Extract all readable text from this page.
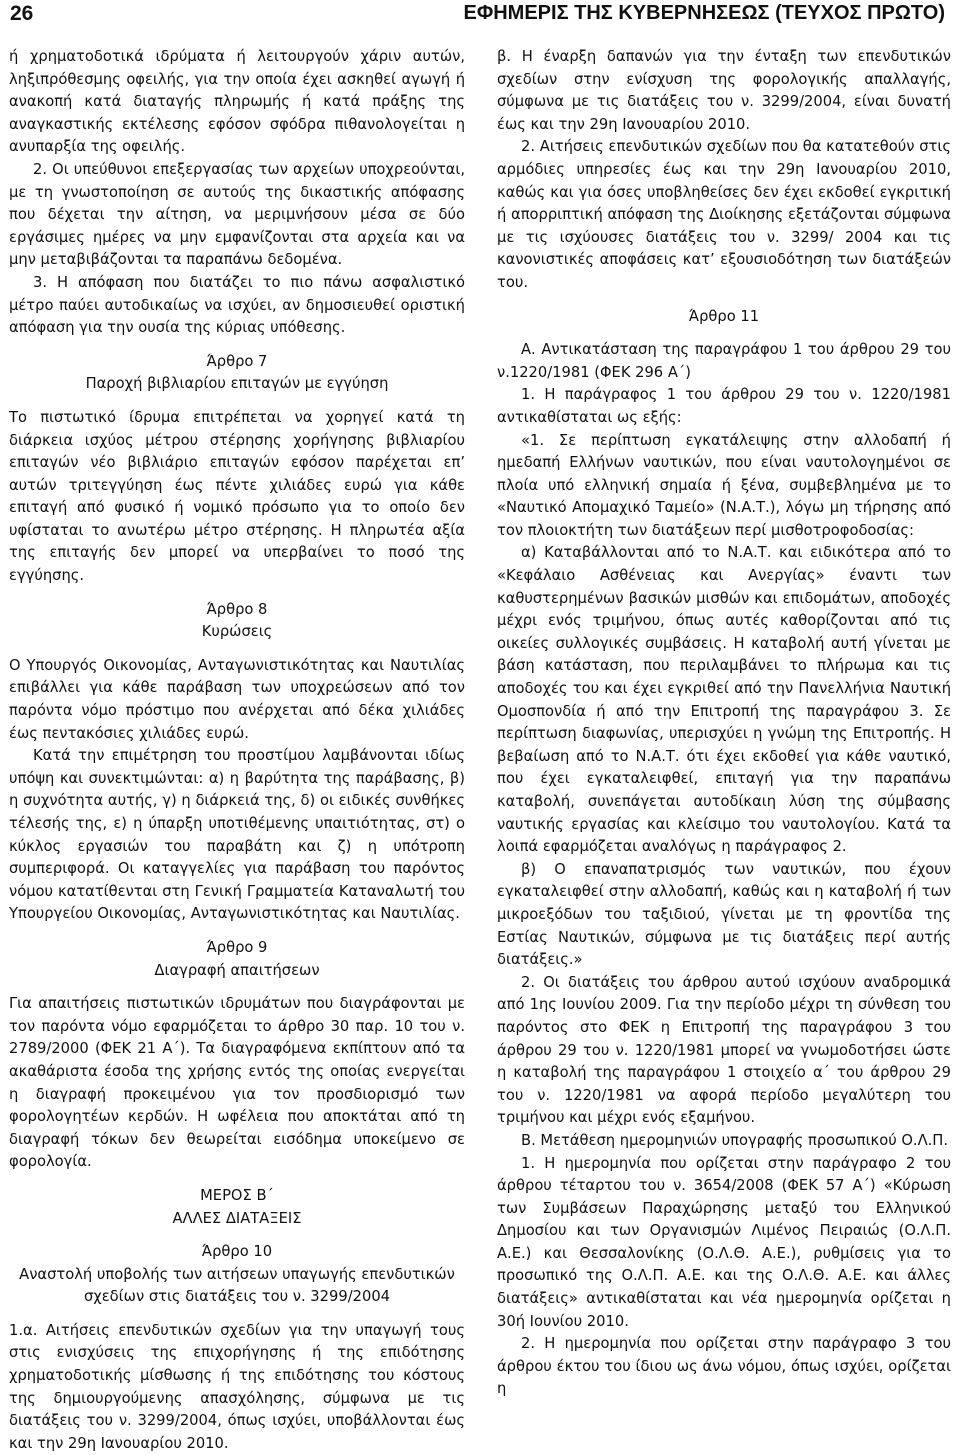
26	ΕΦΗΜΕΡΙΣ ΤΗΣ ΚΥΒΕΡΝΗΣΕΩΣ (ΤΕΥΧΟΣ ΠΡΩΤΟ)

ή χρηματοδοτικά ιδρύματα ή λειτουργούν χάριν αυτών, ληξιπρόθεσμης οφειλής, για την οποία έχει ασκηθεί αγωγή ή ανακοπή κατά διαταγής πληρωμής ή κατά πράξης της αναγκαστικής εκτέλεσης εφόσον σφόδρα πιθανολογείται η ανυπαρξία της οφειλής.

2. Οι υπεύθυνοι επεξεργασίας των αρχείων υποχρεούνται, με τη γνωστοποίηση σε αυτούς της δικαστικής απόφασης που δέχεται την αίτηση, να μεριμνήσουν μέσα σε δύο εργάσιμες ημέρες να μην εμφανίζονται στα αρχεία και να μην μεταβιβάζονται τα παραπάνω δεδομένα.

3. Η απόφαση που διατάζει το πιο πάνω ασφαλιστικό μέτρο παύει αυτοδικαίως να ισχύει, αν δημοσιευθεί οριστική απόφαση για την ουσία της κύριας υπόθεσης.

Άρθρο 7

Παροχή βιβλιαρίου επιταγών με εγγύηση

Το πιστωτικό ίδρυμα επιτρέπεται να χορηγεί κατά τη διάρκεια ισχύος μέτρου στέρησης χορήγησης βιβλιαρίου επιταγών νέο βιβλιάριο επιταγών εφόσον παρέχεται επ’ αυτών τριτεγγύηση έως πέντε χιλιάδες ευρώ για κάθε επιταγή από φυσικό ή νομικό πρόσωπο για το οποίο δεν υφίσταται το ανωτέρω μέτρο στέρησης. Η πληρωτέα αξία της επιταγής δεν μπορεί να υπερβαίνει το ποσό της εγγύησης.

Άρθρο 8

Κυρώσεις

Ο Υπουργός Οικονομίας, Ανταγωνιστικότητας και Ναυτιλίας επιβάλλει για κάθε παράβαση των υποχρεώσεων από τον παρόντα νόμο πρόστιμο που ανέρχεται από δέκα χιλιάδες έως πεντακόσιες χιλιάδες ευρώ.

Κατά την επιμέτρηση του προστίμου λαμβάνονται ιδίως υπόψη και συνεκτιμώνται: α) η βαρύτητα της παράβασης, β) η συχνότητα αυτής, γ) η διάρκειά της, δ) οι ειδικές συνθήκες τέλεσής της, ε) η ύπαρξη υποτιθέμενης υπαιτιότητας, στ) ο κύκλος εργασιών του παραβάτη και ζ) η υπότροπη συμπεριφορά. Οι καταγγελίες για παράβαση του παρόντος νόμου κατατίθενται στη Γενική Γραμματεία Καταναλωτή του Υπουργείου Οικονομίας, Ανταγωνιστικότητας και Ναυτιλίας.

Άρθρο 9

Διαγραφή απαιτήσεων

Για απαιτήσεις πιστωτικών ιδρυμάτων που διαγράφονται με τον παρόντα νόμο εφαρμόζεται το άρθρο 30 παρ. 10 του ν. 2789/2000 (ΦΕΚ 21 Α΄). Τα διαγραφόμενα εκπίπτουν από τα ακαθάριστα έσοδα της χρήσης εντός της οποίας ενεργείται η διαγραφή προκειμένου για τον προσδιορισμό των φορολογητέων κερδών. Η ωφέλεια που αποκτάται από τη διαγραφή τόκων δεν θεωρείται εισόδημα υποκείμενο σε φορολογία.

ΜΕΡΟΣ Β΄

ΑΛΛΕΣ ΔΙΑΤΑΞΕΙΣ

Άρθρο 10

Αναστολή υποβολής των αιτήσεων υπαγωγής επενδυτικών σχεδίων στις διατάξεις του ν. 3299/2004

1.α. Αιτήσεις επενδυτικών σχεδίων για την υπαγωγή τους στις ενισχύσεις της επιχορήγησης ή της επιδότησης χρηματοδοτικής μίσθωσης ή της επιδότησης του κόστους της δημιουργούμενης απασχόλησης, σύμφωνα με τις διατάξεις του ν. 3299/2004, όπως ισχύει, υποβάλλονται έως και την 29η Ιανουαρίου 2010.

β. Η έναρξη δαπανών για την ένταξη των επενδυτικών σχεδίων στην ενίσχυση της φορολογικής απαλλαγής, σύμφωνα με τις διατάξεις του ν. 3299/2004, είναι δυνατή έως και την 29η Ιανουαρίου 2010.

2. Αιτήσεις επενδυτικών σχεδίων που θα κατατεθούν στις αρμόδιες υπηρεσίες έως και την 29η Ιανουαρίου 2010, καθώς και για όσες υποβληθείσες δεν έχει εκδοθεί εγκριτική ή απορριπτική απόφαση της Διοίκησης εξετάζονται σύμφωνα με τις ισχύουσες διατάξεις του ν. 3299/ 2004 και τις κανονιστικές αποφάσεις κατ’ εξουσιοδότηση των διατάξεών του.

Άρθρο 11

Α. Αντικατάσταση της παραγράφου 1 του άρθρου 29 του ν.1220/1981 (ΦΕΚ 296 Α΄)

1. Η παράγραφος 1 του άρθρου 29 του ν. 1220/1981 αντικαθίσταται ως εξής:

«1. Σε περίπτωση εγκατάλειψης στην αλλοδαπή ή ημεδαπή Ελλήνων ναυτικών, που είναι ναυτολογημένοι σε πλοία υπό ελληνική σημαία ή ξένα, συμβεβλημένα με το «Ναυτικό Απομαχικό Ταμείο» (Ν.Α.Τ.), λόγω μη τήρησης από τον πλοιοκτήτη των διατάξεων περί μισθοτροφοδοσίας:

α) Καταβάλλονται από το Ν.Α.Τ. και ειδικότερα από το «Κεφάλαιο Ασθένειας και Ανεργίας» έναντι των καθυστερημένων βασικών μισθών και επιδομάτων, αποδοχές μέχρι ενός τριμήνου, όπως αυτές καθορίζονται από τις οικείες συλλογικές συμβάσεις. Η καταβολή αυτή γίνεται με βάση κατάσταση, που περιλαμβάνει το πλήρωμα και τις αποδοχές του και έχει εγκριθεί από την Πανελλήνια Ναυτική Ομοσπονδία ή από την Επιτροπή της παραγράφου 3. Σε περίπτωση διαφωνίας, υπερισχύει η γνώμη της Επιτροπής. Η βεβαίωση από το Ν.Α.Τ. ότι έχει εκδοθεί για κάθε ναυτικό, που έχει εγκαταλειφθεί, επιταγή για την παραπάνω καταβολή, συνεπάγεται αυτοδίκαιη λύση της σύμβασης ναυτικής εργασίας και κλείσιμο του ναυτολογίου. Κατά τα λοιπά εφαρμόζεται αναλόγως η παράγραφος 2.

β) Ο επαναπατρισμός των ναυτικών, που έχουν εγκαταλειφθεί στην αλλοδαπή, καθώς και η καταβολή ή των μικροεξόδων του ταξιδιού, γίνεται με τη φροντίδα της Εστίας Ναυτικών, σύμφωνα με τις διατάξεις περί αυτής διατάξεις.»

2. Οι διατάξεις του άρθρου αυτού ισχύουν αναδρομικά από 1ης Ιουνίου 2009. Για την περίοδο μέχρι τη σύνθεση του παρόντος στο ΦΕΚ η Επιτροπή της παραγράφου 3 του άρθρου 29 του ν. 1220/1981 μπορεί να γνωμοδοτήσει ώστε η καταβολή της παραγράφου 1 στοιχείο α΄ του άρθρου 29 του ν. 1220/1981 να αφορά περίοδο μεγαλύτερη του τριμήνου και μέχρι ενός εξαμήνου.

Β. Μετάθεση ημερομηνιών υπογραφής προσωπικού Ο.Λ.Π.

1. Η ημερομηνία που ορίζεται στην παράγραφο 2 του άρθρου τέταρτου του ν. 3654/2008 (ΦΕΚ 57 Α΄) «Κύρωση των Συμβάσεων Παραχώρησης μεταξύ του Ελληνικού Δημοσίου και των Οργανισμών Λιμένος Πειραιώς (Ο.Λ.Π. Α.Ε.) και Θεσσαλονίκης (Ο.Λ.Θ. Α.Ε.), ρυθμίσεις για το προσωπικό της Ο.Λ.Π. Α.Ε. και της Ο.Λ.Θ. Α.Ε. και άλλες διατάξεις» αντικαθίσταται και νέα ημερομηνία ορίζεται η 30ή Ιουνίου 2010.

2. Η ημερομηνία που ορίζεται στην παράγραφο 3 του άρθρου έκτου του ίδιου ως άνω νόμου, όπως ισχύει, ορίζεται η
